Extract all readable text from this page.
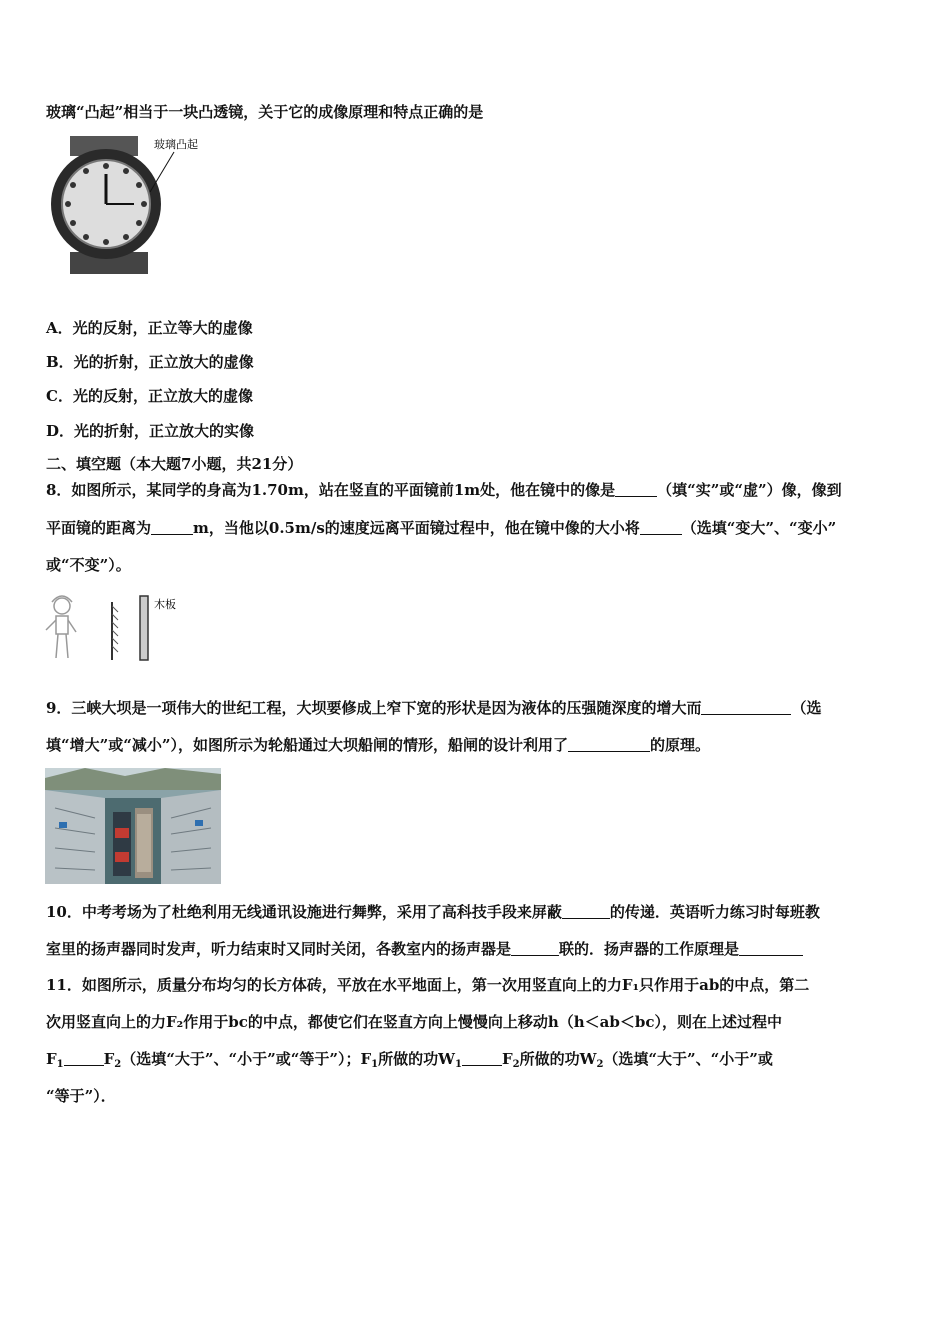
玻璃“凸起”相当于一块凸透镜，关于它的成像原理和特点正确的是
玻璃凸起
A．光的反射，正立等大的虚像
B．光的折射，正立放大的虚像
C．光的反射，正立放大的虚像
D．光的折射，正立放大的实像
二、填空题（本大题7小题，共21分）
8．如图所示，某同学的身高为1.70m，站在竖直的平面镜前1m处，他在镜中的像是	（填“实”或“虚”）像，像到
平面镜的距离为	m，当他以0.5m/s的速度远离平面镜过程中，他在镜中像的大小将	（选填“变大”、“变小”
或“不变”）。
木板
9．三峡大坝是一项伟大的世纪工程，大坝要修成上窄下宽的形状是因为液体的压强随深度的增大而	（选
填“增大”或“减小”），如图所示为轮船通过大坝船闸的情形，船闸的设计利用了	的原理。
10．中考考场为了杜绝利用无线通讯设施进行舞弊，采用了高科技手段来屏蔽	的传递．英语听力练习时每班教
室里的扬声器同时发声，听力结束时又同时关闭，各教室内的扬声器是	联的．扬声器的工作原理是
11．如图所示，质量分布均匀的长方体砖，平放在水平地面上，第一次用竖直向上的力F₁只作用于ab的中点，第二
次用竖直向上的力F₂作用于bc的中点，都使它们在竖直方向上慢慢向上移动h（h＜ab＜bc），则在上述过程中
$F_1$	$F_2$（选填“大于”、“小于”或“等于”）；$F_1$所做的功$W_1$	$F_2$所做的功$W_2$（选填“大于”、“小于”或
“等于”）．
